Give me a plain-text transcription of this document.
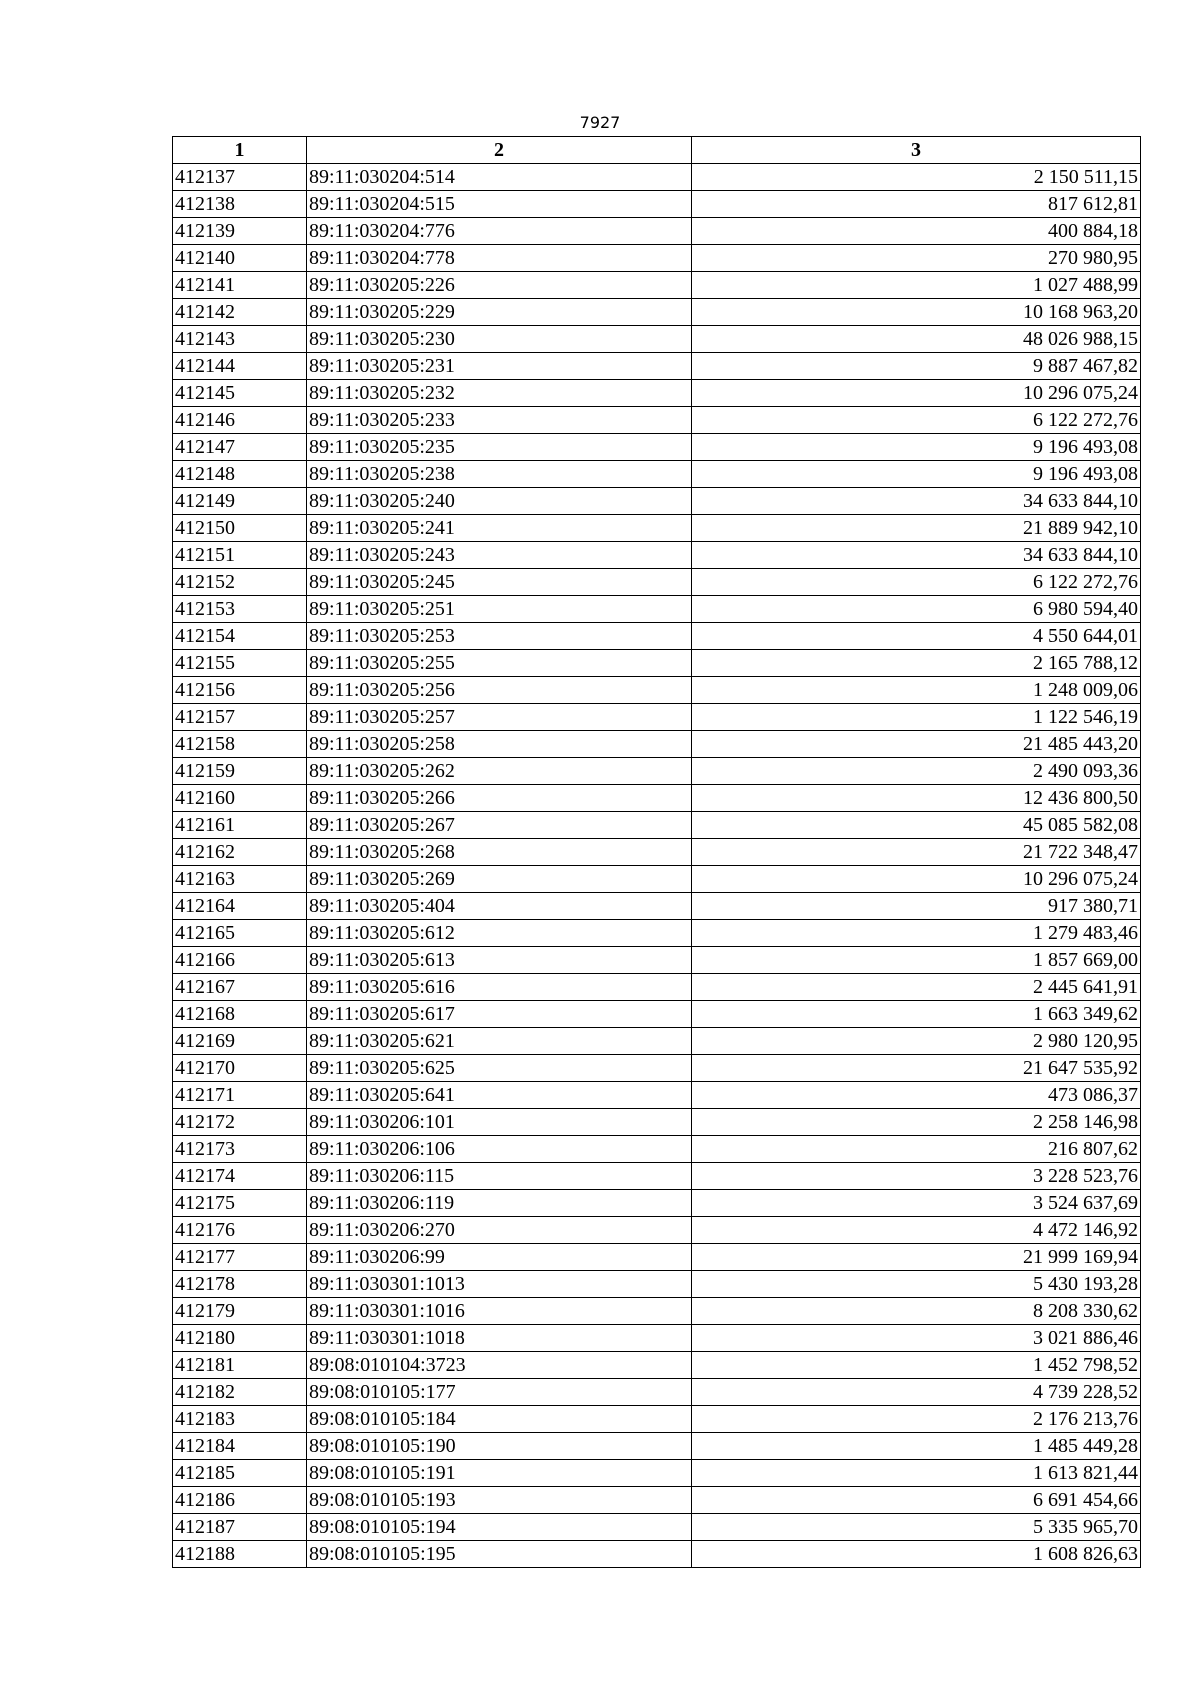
7927
1	2	3
412137	89:11:030204:514	2 150 511,15
412138	89:11:030204:515	817 612,81
412139	89:11:030204:776	400 884,18
412140	89:11:030204:778	270 980,95
412141	89:11:030205:226	1 027 488,99
412142	89:11:030205:229	10 168 963,20
412143	89:11:030205:230	48 026 988,15
412144	89:11:030205:231	9 887 467,82
412145	89:11:030205:232	10 296 075,24
412146	89:11:030205:233	6 122 272,76
412147	89:11:030205:235	9 196 493,08
412148	89:11:030205:238	9 196 493,08
412149	89:11:030205:240	34 633 844,10
412150	89:11:030205:241	21 889 942,10
412151	89:11:030205:243	34 633 844,10
412152	89:11:030205:245	6 122 272,76
412153	89:11:030205:251	6 980 594,40
412154	89:11:030205:253	4 550 644,01
412155	89:11:030205:255	2 165 788,12
412156	89:11:030205:256	1 248 009,06
412157	89:11:030205:257	1 122 546,19
412158	89:11:030205:258	21 485 443,20
412159	89:11:030205:262	2 490 093,36
412160	89:11:030205:266	12 436 800,50
412161	89:11:030205:267	45 085 582,08
412162	89:11:030205:268	21 722 348,47
412163	89:11:030205:269	10 296 075,24
412164	89:11:030205:404	917 380,71
412165	89:11:030205:612	1 279 483,46
412166	89:11:030205:613	1 857 669,00
412167	89:11:030205:616	2 445 641,91
412168	89:11:030205:617	1 663 349,62
412169	89:11:030205:621	2 980 120,95
412170	89:11:030205:625	21 647 535,92
412171	89:11:030205:641	473 086,37
412172	89:11:030206:101	2 258 146,98
412173	89:11:030206:106	216 807,62
412174	89:11:030206:115	3 228 523,76
412175	89:11:030206:119	3 524 637,69
412176	89:11:030206:270	4 472 146,92
412177	89:11:030206:99	21 999 169,94
412178	89:11:030301:1013	5 430 193,28
412179	89:11:030301:1016	8 208 330,62
412180	89:11:030301:1018	3 021 886,46
412181	89:08:010104:3723	1 452 798,52
412182	89:08:010105:177	4 739 228,52
412183	89:08:010105:184	2 176 213,76
412184	89:08:010105:190	1 485 449,28
412185	89:08:010105:191	1 613 821,44
412186	89:08:010105:193	6 691 454,66
412187	89:08:010105:194	5 335 965,70
412188	89:08:010105:195	1 608 826,63
